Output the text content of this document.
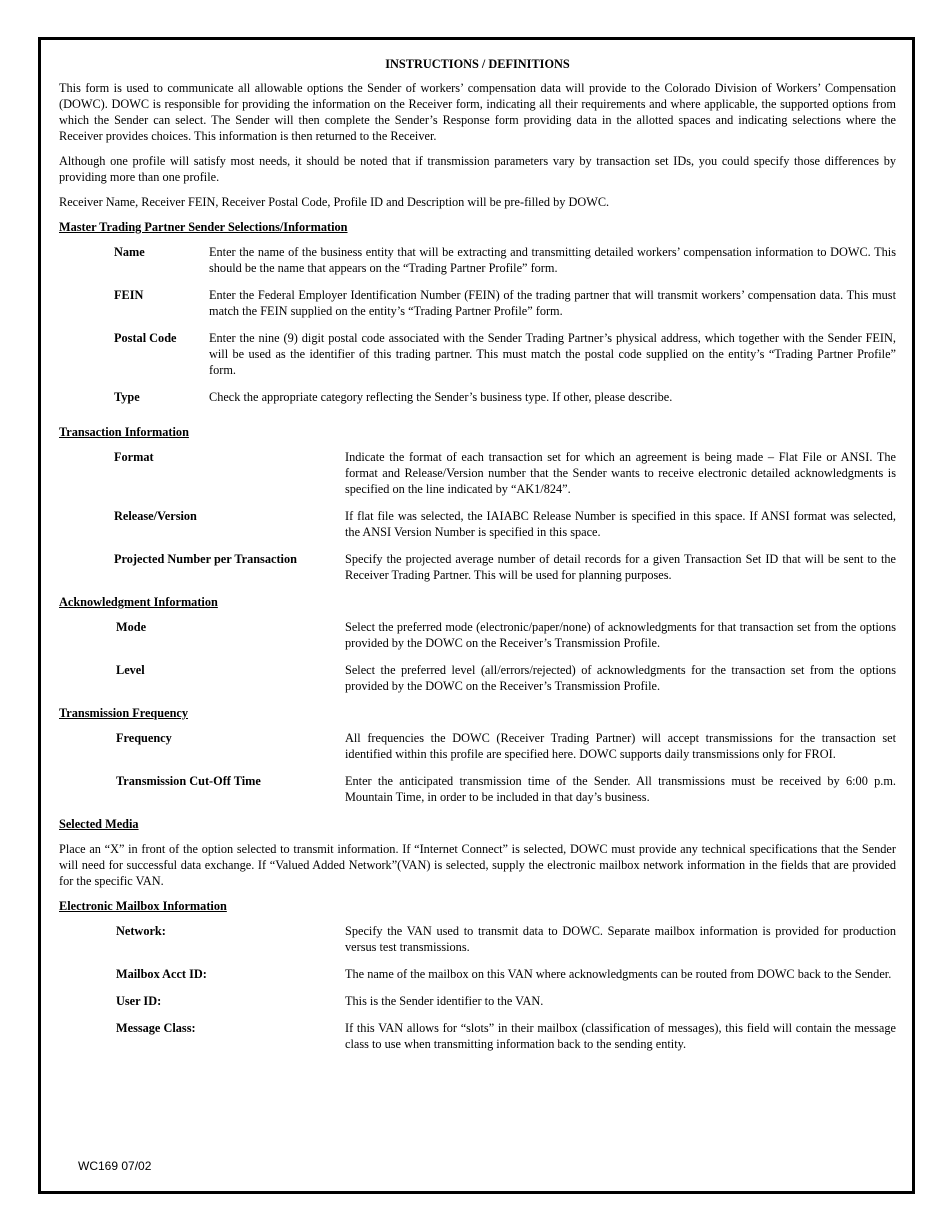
INSTRUCTIONS / DEFINITIONS

This form is used to communicate all allowable options the Sender of workers’ compensation data will provide to the Colorado Division of Workers’ Compensation (DOWC). DOWC is responsible for providing the information on the Receiver form, indicating all their requirements and where applicable, the supported options from which the Sender can select. The Sender will then complete the Sender’s Response form providing data in the allotted spaces and indicating selections where the Receiver provides choices. This information is then returned to the Receiver.

Although one profile will satisfy most needs, it should be noted that if transmission parameters vary by transaction set IDs, you could specify those differences by providing more than one profile.

Receiver Name, Receiver FEIN, Receiver Postal Code, Profile ID and Description will be pre-filled by DOWC.

Master Trading Partner Sender Selections/Information
Name	Enter the name of the business entity that will be extracting and transmitting detailed workers’ compensation information to DOWC. This should be the name that appears on the “Trading Partner Profile” form.
FEIN	Enter the Federal Employer Identification Number (FEIN) of the trading partner that will transmit workers’ compensation data. This must match the FEIN supplied on the entity’s “Trading Partner Profile” form.
Postal Code	Enter the nine (9) digit postal code associated with the Sender Trading Partner’s physical address, which together with the Sender FEIN, will be used as the identifier of this trading partner. This must match the postal code supplied on the entity’s “Trading Partner Profile” form.
Type	Check the appropriate category reflecting the Sender’s business type. If other, please describe.
Transaction Information
Format	Indicate the format of each transaction set for which an agreement is being made – Flat File or ANSI. The format and Release/Version number that the Sender wants to receive electronic detailed acknowledgments is specified on the line indicated by “AK1/824”.
Release/Version	If flat file was selected, the IAIABC Release Number is specified in this space. If ANSI format was selected, the ANSI Version Number is specified in this space.
Projected Number per Transaction	Specify the projected average number of detail records for a given Transaction Set ID that will be sent to the Receiver Trading Partner. This will be used for planning purposes.
Acknowledgment Information
Mode	Select the preferred mode (electronic/paper/none) of acknowledgments for that transaction set from the options provided by the DOWC on the Receiver’s Transmission Profile.
Level	Select the preferred level (all/errors/rejected) of acknowledgments for the transaction set from the options provided by the DOWC on the Receiver’s Transmission Profile.
Transmission Frequency
Frequency	All frequencies the DOWC (Receiver Trading Partner) will accept transmissions for the transaction set identified within this profile are specified here. DOWC supports daily transmissions only for FROI.
Transmission Cut-Off Time	Enter the anticipated transmission time of the Sender. All transmissions must be received by 6:00 p.m. Mountain Time, in order to be included in that day’s business.
Selected Media

Place an “X” in front of the option selected to transmit information. If “Internet Connect” is selected, DOWC must provide any technical specifications that the Sender will need for successful data exchange. If “Valued Added Network”(VAN) is selected, supply the electronic mailbox network information in the fields that are provided for the specific VAN.

Electronic Mailbox Information
Network:	Specify the VAN used to transmit data to DOWC. Separate mailbox information is provided for production versus test transmissions.
Mailbox Acct ID:	The name of the mailbox on this VAN where acknowledgments can be routed from DOWC back to the Sender.
User ID:	This is the Sender identifier to the VAN.
Message Class:	If this VAN allows for “slots” in their mailbox (classification of messages), this field will contain the message class to use when transmitting information back to the sending entity.
WC169 07/02
